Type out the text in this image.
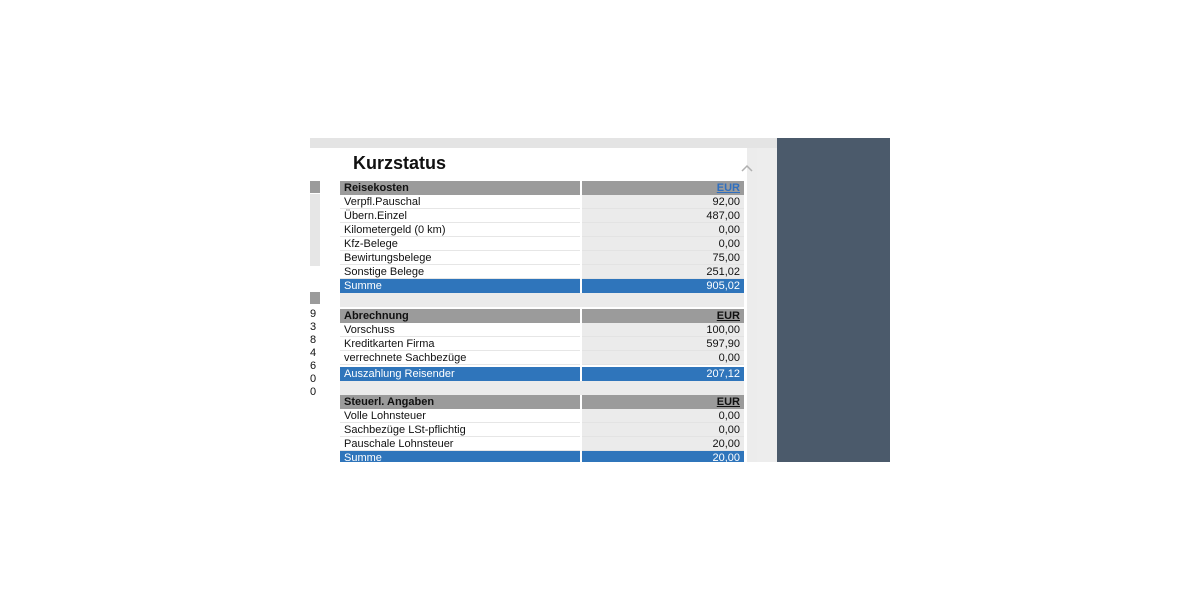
9
3
8
4
6
0
0
Kurzstatus
Reisekosten	EUR
Verpfl.Pauschal	92,00
Übern.Einzel	487,00
Kilometergeld (0 km)	0,00
Kfz-Belege	0,00
Bewirtungsbelege	75,00
Sonstige Belege	251,02
Summe	905,02
Abrechnung	EUR
Vorschuss	100,00
Kreditkarten Firma	597,90
verrechnete Sachbezüge	0,00
Auszahlung Reisender	207,12
Steuerl. Angaben	EUR
Volle Lohnsteuer	0,00
Sachbezüge LSt-pflichtig	0,00
Pauschale Lohnsteuer	20,00
Summe	20,00
